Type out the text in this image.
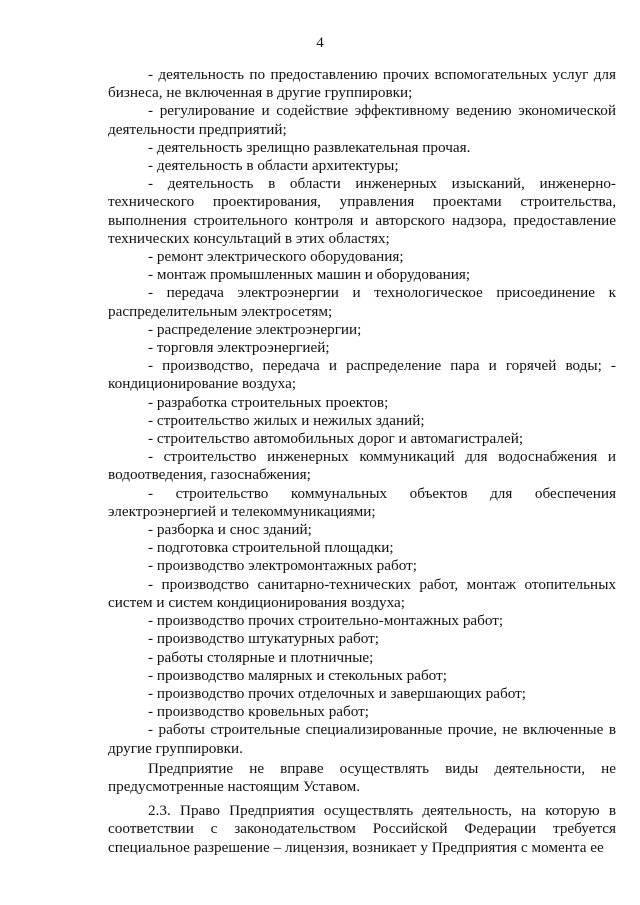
4

- деятельность по предоставлению прочих вспомогательных услуг для бизнеса, не включенная в другие группировки;

- регулирование и содействие эффективному ведению экономической деятельности предприятий;

- деятельность зрелищно развлекательная прочая.

- деятельность в области архитектуры;

- деятельность в области инженерных изысканий, инженерно-технического проектирования, управления проектами строительства, выполнения строительного контроля и авторского надзора, предоставление технических консультаций в этих областях;

- ремонт электрического оборудования;

- монтаж промышленных машин и оборудования;

- передача электроэнергии и технологическое присоединение к распределительным электросетям;

- распределение электроэнергии;

- торговля электроэнергией;

- производство, передача и распределение пара и горячей воды; - кондиционирование воздуха;

- разработка строительных проектов;

- строительство жилых и нежилых зданий;

- строительство автомобильных дорог и автомагистралей;

- строительство инженерных коммуникаций для водоснабжения и водоотведения, газоснабжения;

- строительство коммунальных объектов для обеспечения электроэнергией и телекоммуникациями;

- разборка и снос зданий;

- подготовка строительной площадки;

- производство электромонтажных работ;

- производство санитарно-технических работ, монтаж отопительных систем и систем кондиционирования воздуха;

- производство прочих строительно-монтажных работ;

- производство штукатурных работ;

- работы столярные и плотничные;

- производство малярных и стекольных работ;

- производство прочих отделочных и завершающих работ;

- производство кровельных работ;

- работы строительные специализированные прочие, не включенные в другие группировки.

Предприятие не вправе осуществлять виды деятельности, не предусмотренные настоящим Уставом.

2.3. Право Предприятия осуществлять деятельность, на которую в соответствии с законодательством Российской Федерации требуется специальное разрешение – лицензия, возникает у Предприятия с момента ее
